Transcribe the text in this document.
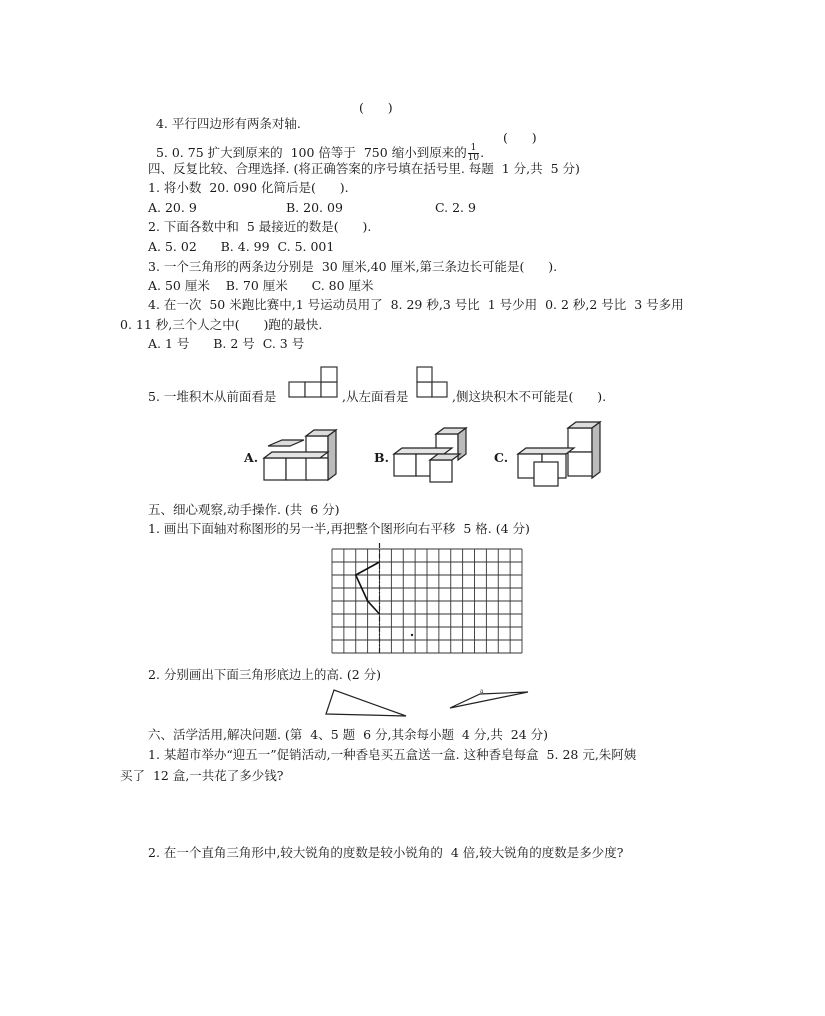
4. 平行四边形有两条对轴.

(      )

5. 0. 75 扩大到原来的  100 倍等于  750 缩小到原来的 $\frac{1}{10}$ .

(      )
四、反复比较、合理选择. (将正确答案的序号填在括号里. 每题  1 分,共  5 分)
1. 将小数  20. 090 化简后是(      ).
A. 20. 9	B. 20. 09	C. 2. 9
2. 下面各数中和  5 最接近的数是(      ).
A. 5. 02      B. 4. 99  C. 5. 001
3. 一个三角形的两条边分别是  30 厘米,40 厘米,第三条边长可能是(      ).
A. 50 厘米    B. 70 厘米      C. 80 厘米
4. 在一次  50 米跑比赛中,1 号运动员用了  8. 29 秒,3 号比  1 号少用  0. 2 秒,2 号比  3 号多用
0. 11 秒,三个人之中(      )跑的最快.
A. 1 号      B. 2 号  C. 3 号
5. 一堆积木从前面看是	,从左面看是	,侧这块积木不可能是(      ).
A.	B.	C.
五、细心观察,动手操作. (共  6 分)
1. 画出下面轴对称图形的另一半,再把整个图形向右平移  5 格. (4 分)
2. 分别画出下面三角形底边上的高. (2 分)
a
六、活学活用,解决问题. (第  4、5 题  6 分,其余每小题  4 分,共  24 分)
1. 某超市举办“迎五一”促销活动,一种香皂买五盒送一盒. 这种香皂每盒  5. 28 元,朱阿姨
买了  12 盒,一共花了多少钱?
2. 在一个直角三角形中,较大锐角的度数是较小锐角的  4 倍,较大锐角的度数是多少度?
